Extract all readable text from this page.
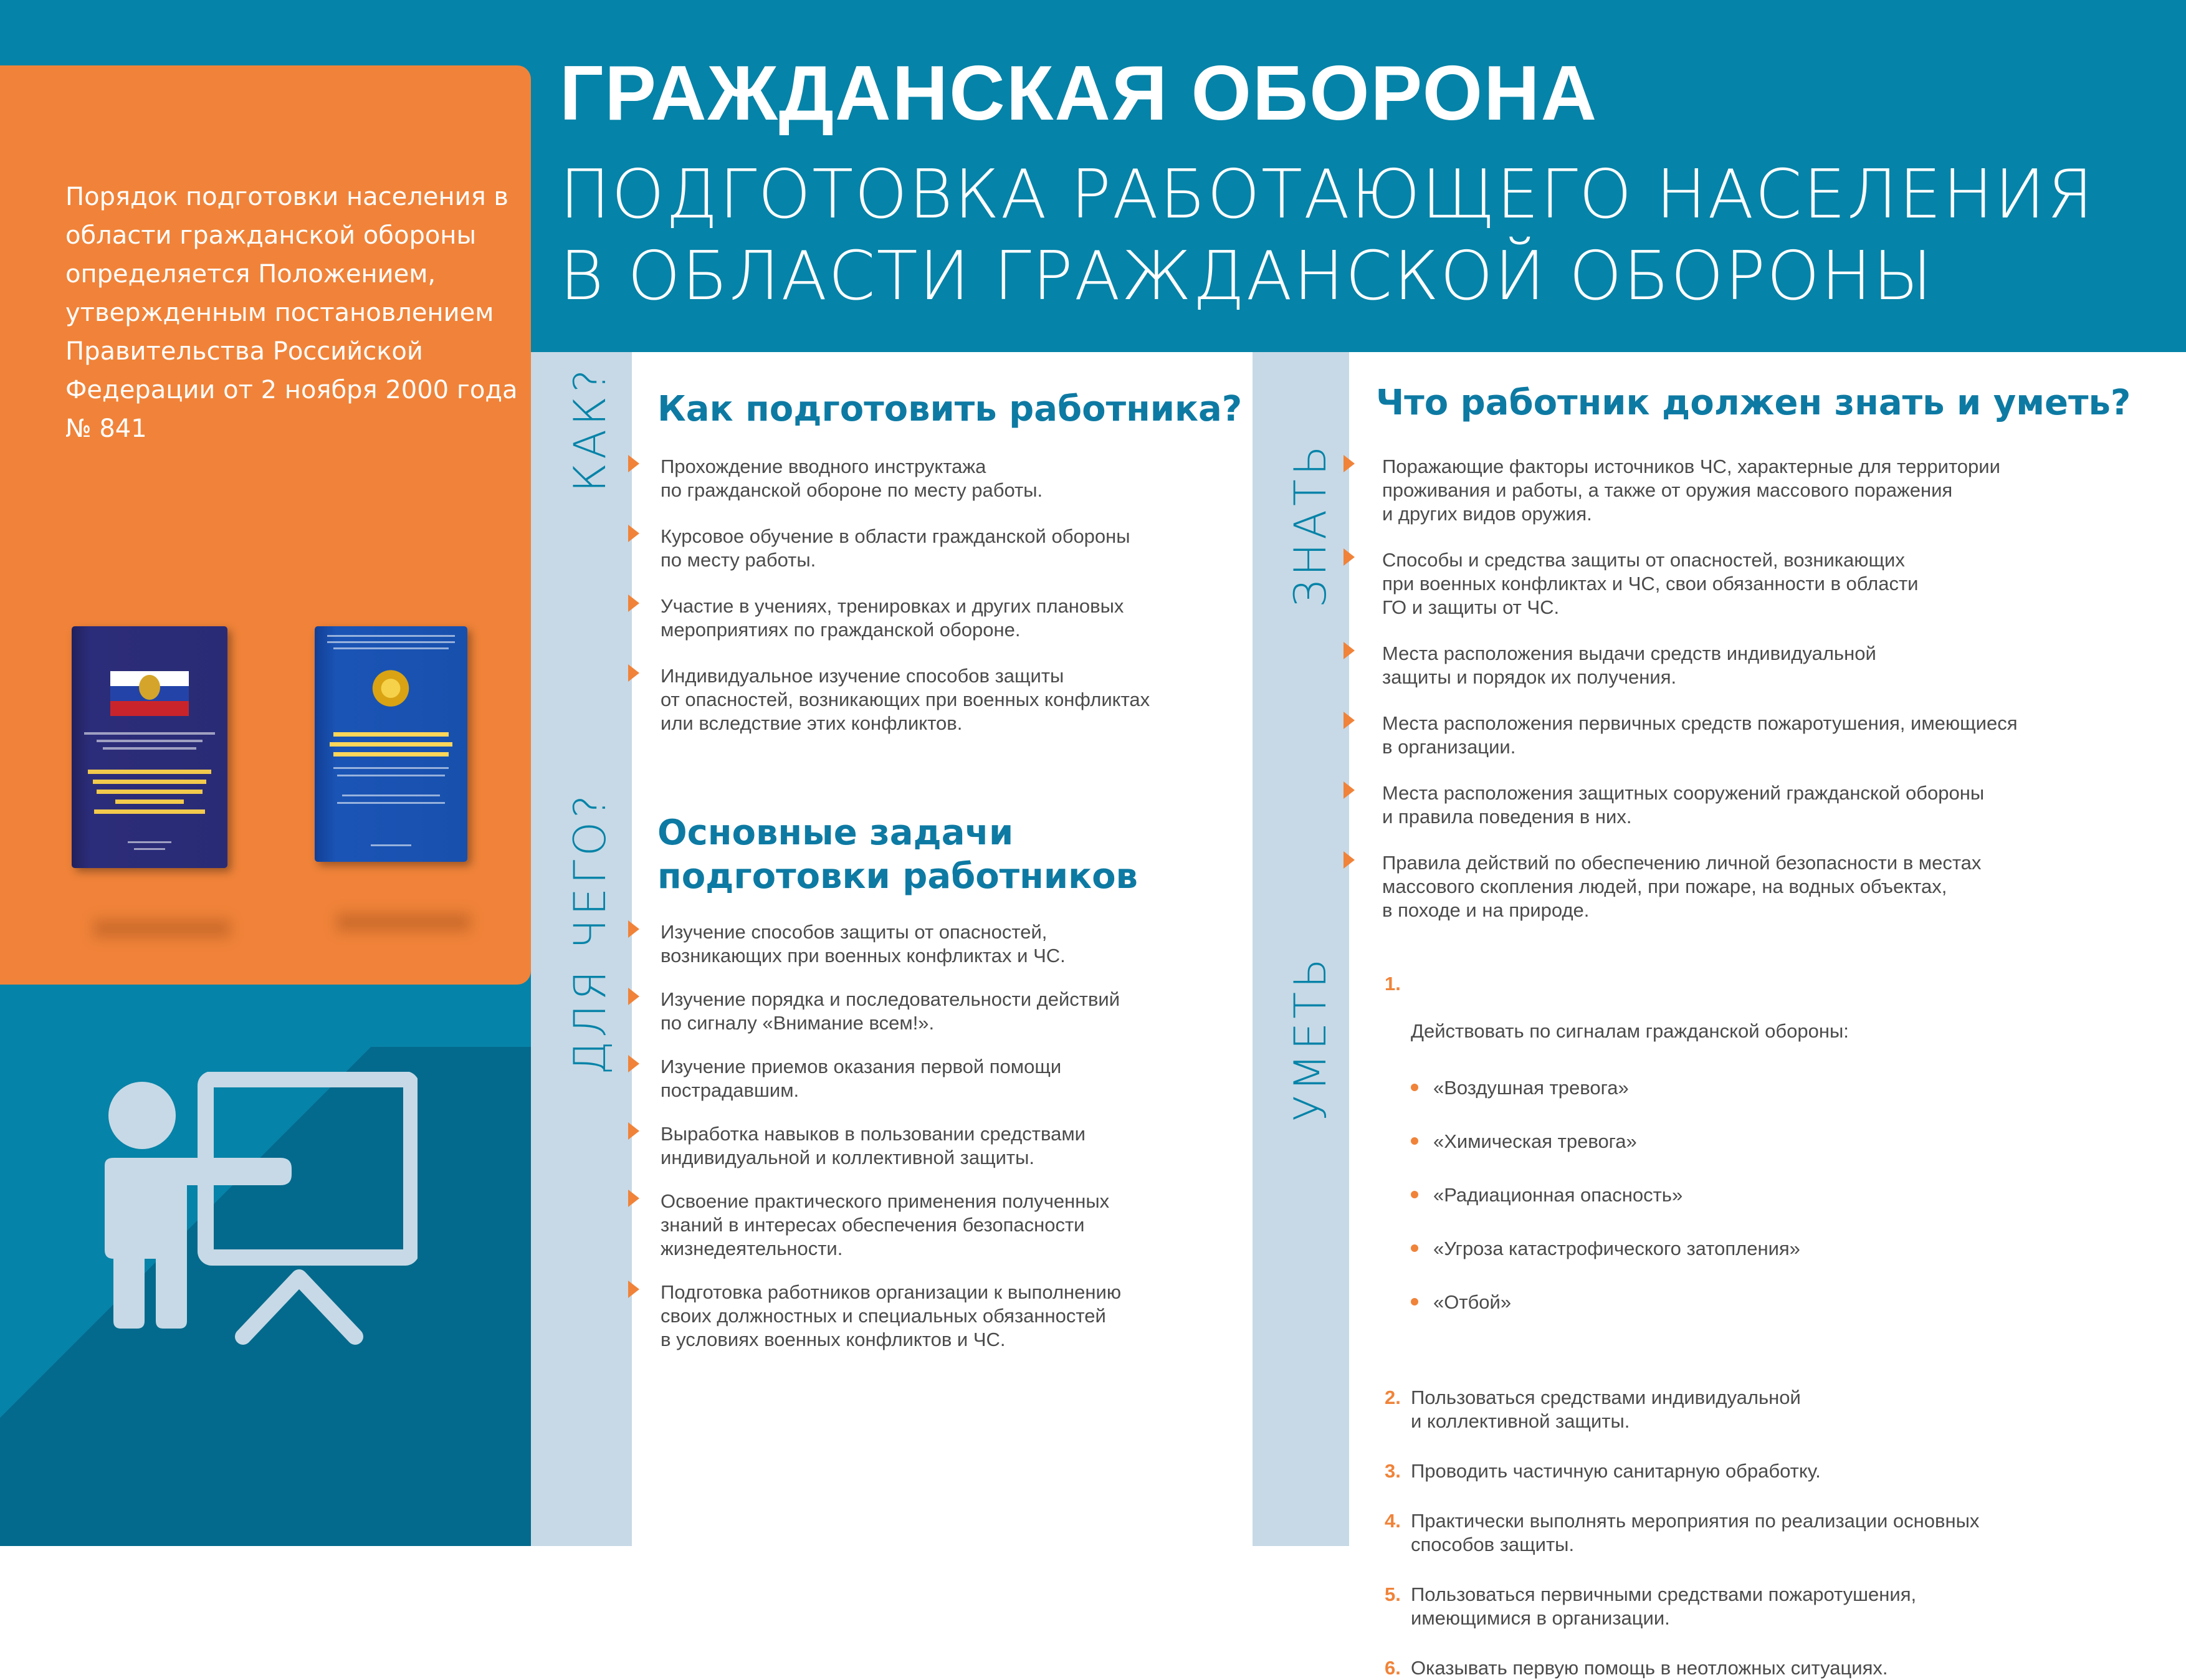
ГРАЖДАНСКАЯ ОБОРОНА
ПОДГОТОВКА РАБОТАЮЩЕГО НАСЕЛЕНИЯ
В ОБЛАСТИ ГРАЖДАНСКОЙ ОБОРОНЫ
Порядок подготовки населения в области гражданской обороны определяется Положением, утвержденным постановлением Правительства Российской Федерации от 2 ноября 2000 года № 841	КАК?
ДЛЯ ЧЕГО?
ЗНАТЬ
УМЕТЬ
Как подготовить работника?
Прохождение вводного инструктажа
по гражданской обороне по месту работы.
Курсовое обучение в области гражданской обороны
по месту работы.
Участие в учениях, тренировках и других плановых
мероприятиях по гражданской обороне.
Индивидуальное изучение способов защиты
от опасностей, возникающих при военных конфликтах
или вследствие этих конфликтов.
Основные задачи
подготовки работников
Изучение способов защиты от опасностей,
возникающих при военных конфликтах и ЧС.
Изучение порядка и последовательности действий
по сигналу «Внимание всем!».
Изучение приемов оказания первой помощи
пострадавшим.
Выработка навыков в пользовании средствами
индивидуальной и коллективной защиты.
Освоение практического применения полученных
знаний в интересах обеспечения безопасности
жизнедеятельности.
Подготовка работников организации к выполнению
своих должностных и специальных обязанностей
в условиях военных конфликтов и ЧС.
Что работник должен знать и уметь?
Поражающие факторы источников ЧС, характерные для территории
проживания и работы, а также от оружия массового поражения
и других видов оружия.
Способы и средства защиты от опасностей, возникающих
при военных конфликтах и ЧС, свои обязанности в области
ГО и защиты от ЧС.
Места расположения выдачи средств индивидуальной
защиты и порядок их получения.
Места расположения первичных средств пожаротушения, имеющиеся
в организации.
Места расположения защитных сооружений гражданской обороны
и правила поведения в них.
Правила действий по обеспечению личной безопасности в местах
массового скопления людей, при пожаре, на водных объектах,
в походе и на природе.

1.

Действовать по сигналам гражданской обороны:

«Воздушная тревога»

«Химическая тревога»

«Радиационная опасность»

«Угроза катастрофического затопления»

«Отбой»

2. Пользоваться средствами индивидуальной
и коллективной защиты.
3. Проводить частичную санитарную обработку.
4. Практически выполнять мероприятия по реализации основных
способов защиты.
5. Пользоваться первичными средствами пожаротушения,
имеющимися в организации.
6. Оказывать первую помощь в неотложных ситуациях.
